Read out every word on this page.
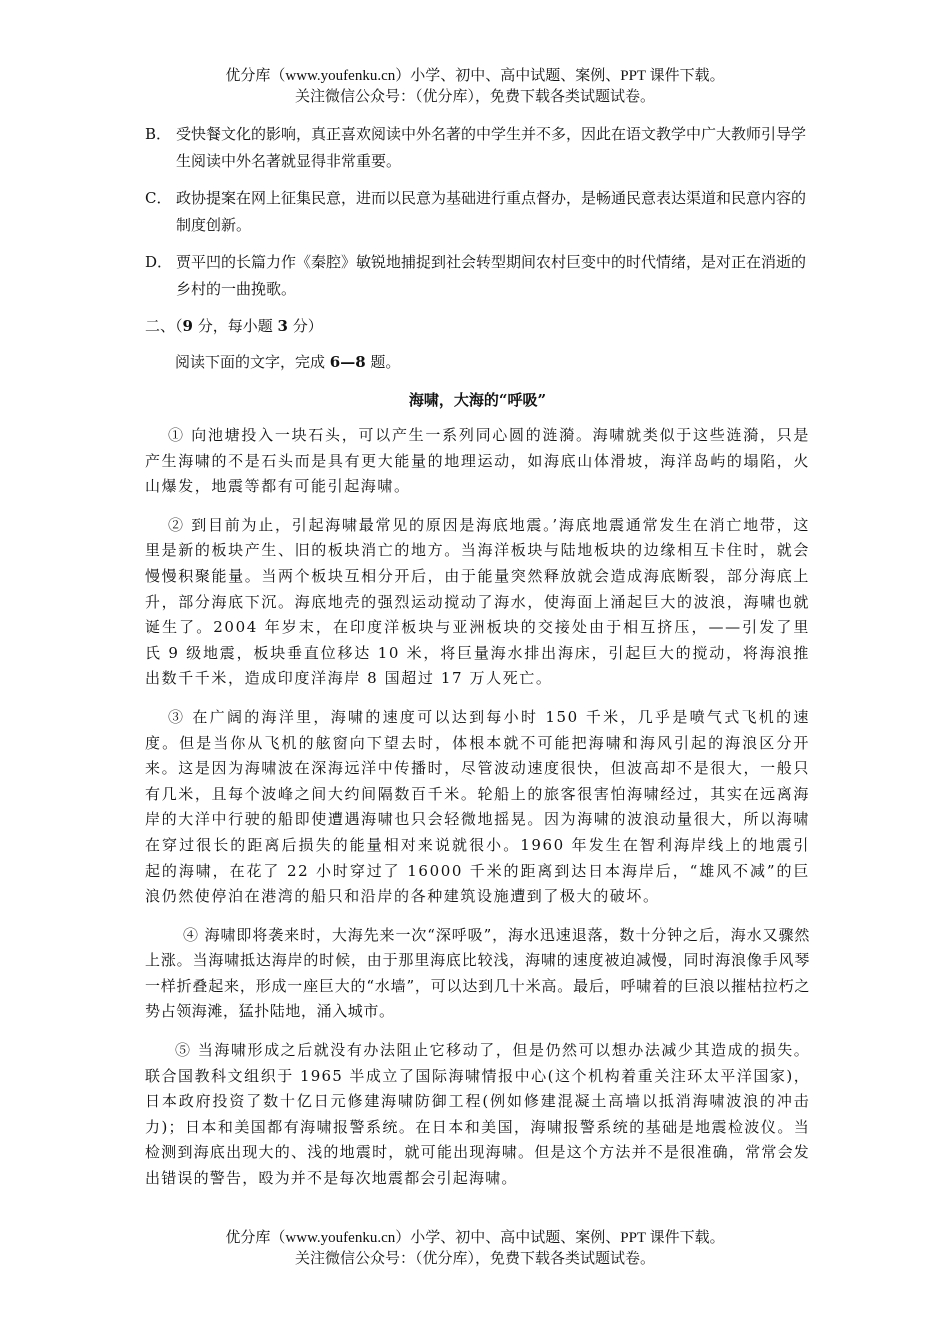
优分库（www.youfenku.cn）小学、初中、高中试题、案例、PPT 课件下载。
关注微信公众号：（优分库），免费下载各类试题试卷。
B． 受快餐文化的影响，真正喜欢阅读中外名著的中学生并不多，因此在语文教学中广大教师引导学生阅读中外名著就显得非常重要。
C． 政协提案在网上征集民意，进而以民意为基础进行重点督办，是畅通民意表达渠道和民意内容的制度创新。
D． 贾平凹的长篇力作《秦腔》敏锐地捕捉到社会转型期间农村巨变中的时代情绪，是对正在消逝的乡村的一曲挽歌。
二、（9 分，每小题 3 分）
阅读下面的文字，完成 6—8 题。
海啸，大海的“呼吸”
① 向池塘投入一块石头，可以产生一系列同心圆的涟漪。海啸就类似于这些涟漪，只是产生海啸的不是石头而是具有更大能量的地理运动，如海底山体滑坡，海洋岛屿的塌陷，火山爆发，地震等都有可能引起海啸。
② 到目前为止，引起海啸最常见的原因是海底地震。’海底地震通常发生在消亡地带，这里是新的板块产生、旧的板块消亡的地方。当海洋板块与陆地板块的边缘相互卡住时，就会慢慢积聚能量。当两个板块互相分开后，由于能量突然释放就会造成海底断裂，部分海底上升，部分海底下沉。海底地壳的强烈运动搅动了海水，使海面上涌起巨大的波浪，海啸也就诞生了。2004 年岁末，在印度洋板块与亚洲板块的交接处由于相互挤压，——引发了里氏 9 级地震，板块垂直位移达 10 米，将巨量海水排出海床，引起巨大的搅动，将海浪推出数千千米，造成印度洋海岸 8 国超过 17 万人死亡。
③ 在广阔的海洋里，海啸的速度可以达到每小时 150 千米，几乎是喷气式飞机的速度。但是当你从飞机的舷窗向下望去时，体根本就不可能把海啸和海风引起的海浪区分开来。这是因为海啸波在深海远洋中传播时，尽管波动速度很快，但波高却不是很大，一般只有几米，且每个波峰之间大约间隔数百千米。轮船上的旅客很害怕海啸经过，其实在远离海岸的大洋中行驶的船即使遭遇海啸也只会轻微地摇晃。因为海啸的波浪动量很大，所以海啸在穿过很长的距离后损失的能量相对来说就很小。1960 年发生在智利海岸线上的地震引起的海啸，在花了 22 小时穿过了 16000 千米的距离到达日本海岸后，“雄风不减”的巨浪仍然使停泊在港湾的船只和沿岸的各种建筑设施遭到了极大的破坏。
④ 海啸即将袭来时，大海先来一次“深呼吸”，海水迅速退落，数十分钟之后，海水又骤然上涨。当海啸抵达海岸的时候，由于那里海底比较浅，海啸的速度被迫减慢，同时海浪像手风琴一样折叠起来，形成一座巨大的“水墙”，可以达到几十米高。最后，呼啸着的巨浪以摧枯拉朽之势占领海滩，猛扑陆地，涌入城市。
⑤ 当海啸形成之后就没有办法阻止它移动了，但是仍然可以想办法减少其造成的损失。联合国教科文组织于 1965 半成立了国际海啸情报中心(这个机构着重关注环太平洋国家)，日本政府投资了数十亿日元修建海啸防御工程(例如修建混凝土高墙以抵消海啸波浪的冲击力)；日本和美国都有海啸报警系统。在日本和美国，海啸报警系统的基础是地震检波仪。当检测到海底出现大的、浅的地震时，就可能出现海啸。但是这个方法并不是很准确，常常会发出错误的警告，殴为并不是每次地震都会引起海啸。
优分库（www.youfenku.cn）小学、初中、高中试题、案例、PPT 课件下载。
关注微信公众号：（优分库），免费下载各类试题试卷。
